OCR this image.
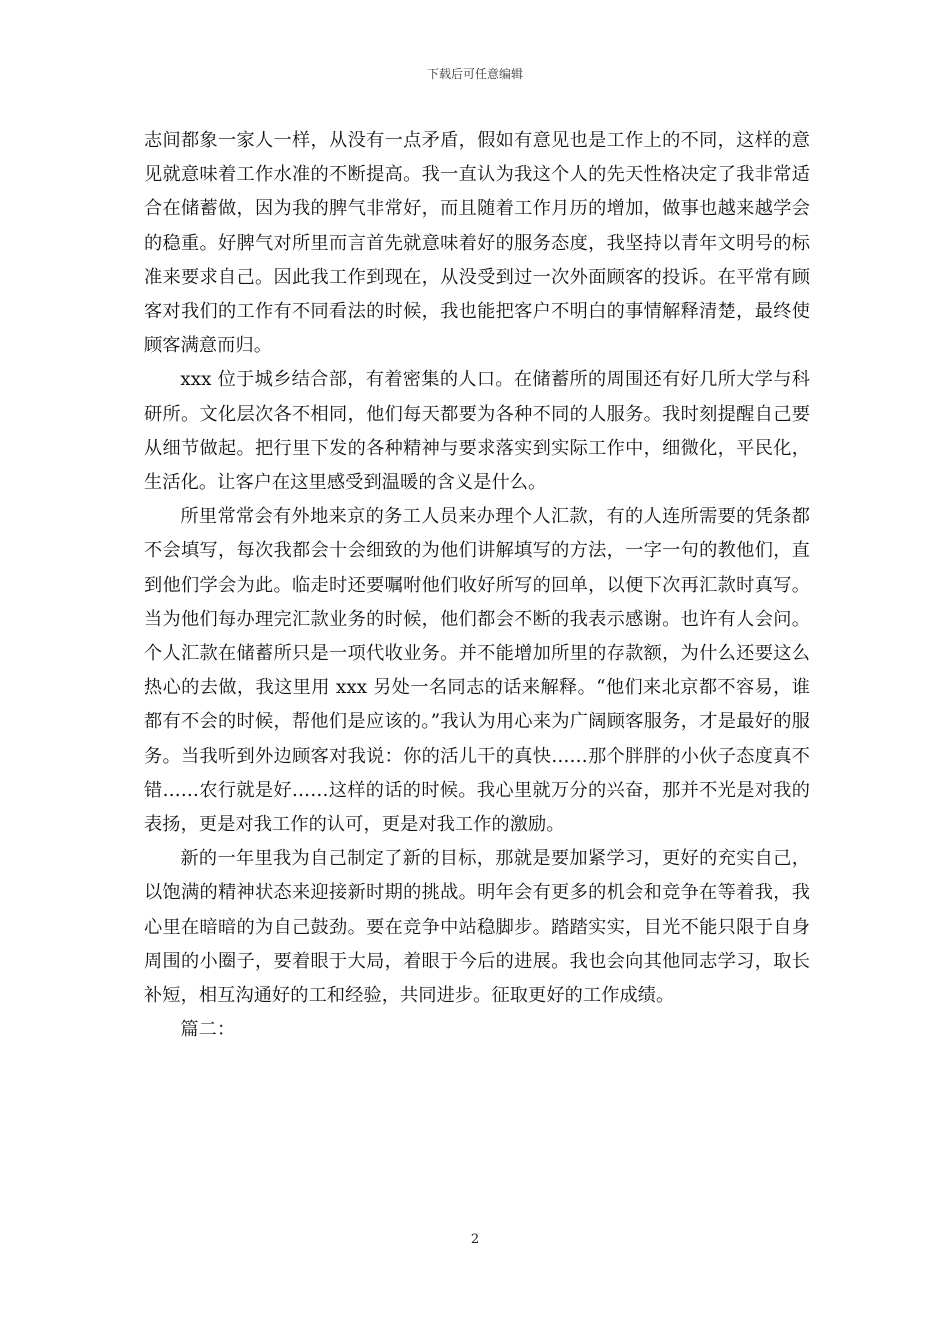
下载后可任意编辑

志间都象一家人一样，从没有一点矛盾，假如有意见也是工作上的不同，这样的意见就意味着工作水准的不断提高。我一直认为我这个人的先天性格决定了我非常适合在储蓄做，因为我的脾气非常好，而且随着工作月历的增加，做事也越来越学会的稳重。好脾气对所里而言首先就意味着好的服务态度，我坚持以青年文明号的标准来要求自己。因此我工作到现在，从没受到过一次外面顾客的投诉。在平常有顾客对我们的工作有不同看法的时候，我也能把客户不明白的事情解释清楚，最终使顾客满意而归。

xxx 位于城乡结合部，有着密集的人口。在储蓄所的周围还有好几所大学与科研所。文化层次各不相同，他们每天都要为各种不同的人服务。我时刻提醒自己要从细节做起。把行里下发的各种精神与要求落实到实际工作中，细微化，平民化，生活化。让客户在这里感受到温暖的含义是什么。

所里常常会有外地来京的务工人员来办理个人汇款，有的人连所需要的凭条都不会填写，每次我都会十会细致的为他们讲解填写的方法，一字一句的教他们，直到他们学会为此。临走时还要嘱咐他们收好所写的回单，以便下次再汇款时真写。当为他们每办理完汇款业务的时候，他们都会不断的我表示感谢。也许有人会问。个人汇款在储蓄所只是一项代收业务。并不能增加所里的存款额，为什么还要这么热心的去做，我这里用 xxx 另处一名同志的话来解释。“他们来北京都不容易，谁都有不会的时候，帮他们是应该的。”我认为用心来为广阔顾客服务，才是最好的服务。当我听到外边顾客对我说：你的活儿干的真快……那个胖胖的小伙子态度真不错……农行就是好……这样的话的时候。我心里就万分的兴奋，那并不光是对我的表扬，更是对我工作的认可，更是对我工作的激励。

新的一年里我为自己制定了新的目标，那就是要加紧学习，更好的充实自己，以饱满的精神状态来迎接新时期的挑战。明年会有更多的机会和竞争在等着我，我心里在暗暗的为自己鼓劲。要在竞争中站稳脚步。踏踏实实，目光不能只限于自身周围的小圈子，要着眼于大局，着眼于今后的进展。我也会向其他同志学习，取长补短，相互沟通好的工和经验，共同进步。征取更好的工作成绩。

篇二：

2
